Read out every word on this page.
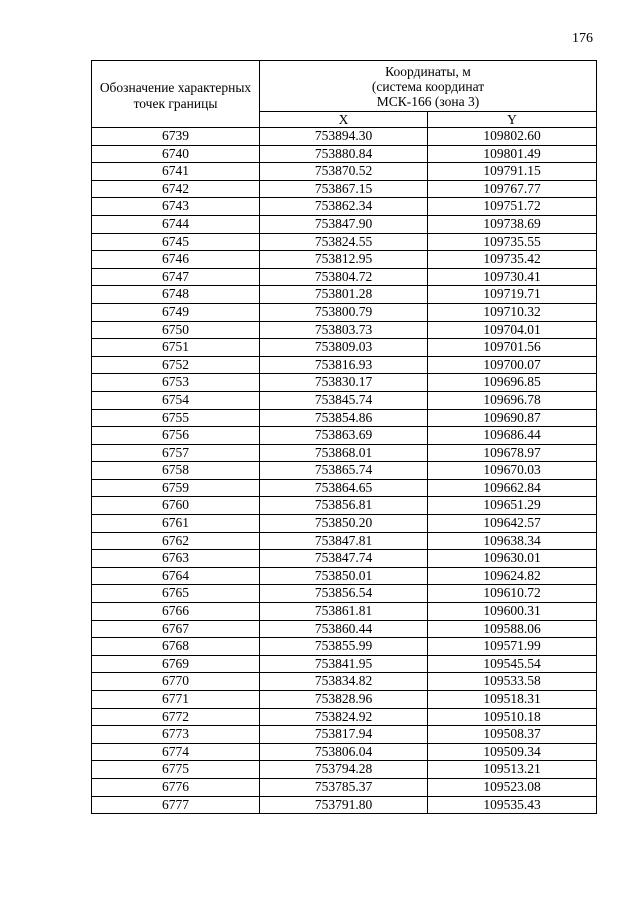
176
Обозначение характерных точек границы	Координаты, м
(система координат
МСК-166 (зона 3)	

	X	Y
6739	753894.30	109802.60
6740	753880.84	109801.49
6741	753870.52	109791.15
6742	753867.15	109767.77
6743	753862.34	109751.72
6744	753847.90	109738.69
6745	753824.55	109735.55
6746	753812.95	109735.42
6747	753804.72	109730.41
6748	753801.28	109719.71
6749	753800.79	109710.32
6750	753803.73	109704.01
6751	753809.03	109701.56
6752	753816.93	109700.07
6753	753830.17	109696.85
6754	753845.74	109696.78
6755	753854.86	109690.87
6756	753863.69	109686.44
6757	753868.01	109678.97
6758	753865.74	109670.03
6759	753864.65	109662.84
6760	753856.81	109651.29
6761	753850.20	109642.57
6762	753847.81	109638.34
6763	753847.74	109630.01
6764	753850.01	109624.82
6765	753856.54	109610.72
6766	753861.81	109600.31
6767	753860.44	109588.06
6768	753855.99	109571.99
6769	753841.95	109545.54
6770	753834.82	109533.58
6771	753828.96	109518.31
6772	753824.92	109510.18
6773	753817.94	109508.37
6774	753806.04	109509.34
6775	753794.28	109513.21
6776	753785.37	109523.08
6777	753791.80	109535.43
